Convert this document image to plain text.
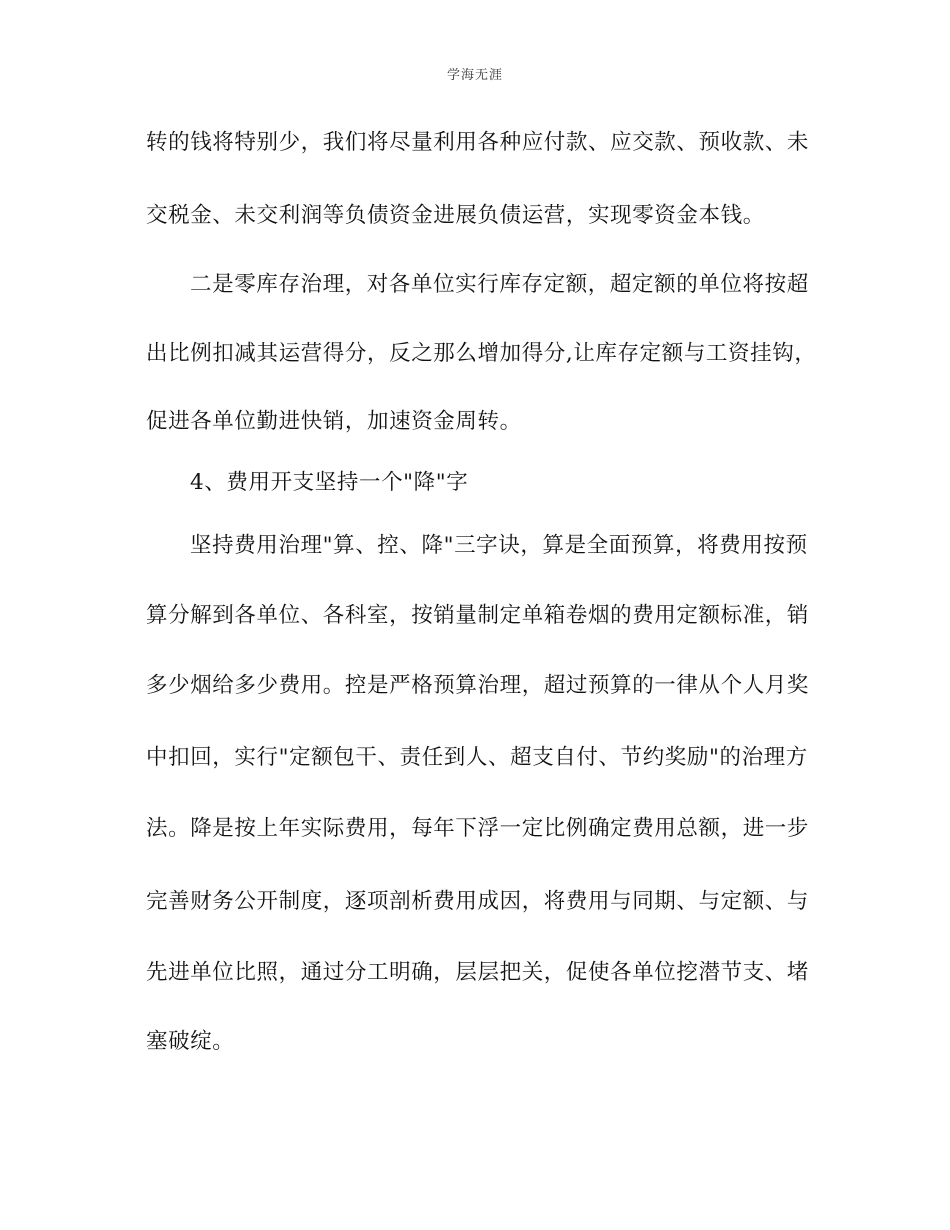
学海无涯
转的钱将特别少，我们将尽量利用各种应付款、应交款、预收款、未
交税金、未交利润等负债资金进展负债运营，实现零资金本钱。
二是零库存治理，对各单位实行库存定额，超定额的单位将按超
出比例扣减其运营得分，反之那么增加得分,让库存定额与工资挂钩，
促进各单位勤进快销，加速资金周转。
4、费用开支坚持一个"降"字
坚持费用治理"算、控、降"三字诀，算是全面预算，将费用按预
算分解到各单位、各科室，按销量制定单箱卷烟的费用定额标准，销
多少烟给多少费用。控是严格预算治理，超过预算的一律从个人月奖
中扣回，实行"定额包干、责任到人、超支自付、节约奖励"的治理方
法。降是按上年实际费用，每年下浮一定比例确定费用总额，进一步
完善财务公开制度，逐项剖析费用成因，将费用与同期、与定额、与
先进单位比照，通过分工明确，层层把关，促使各单位挖潜节支、堵
塞破绽。
